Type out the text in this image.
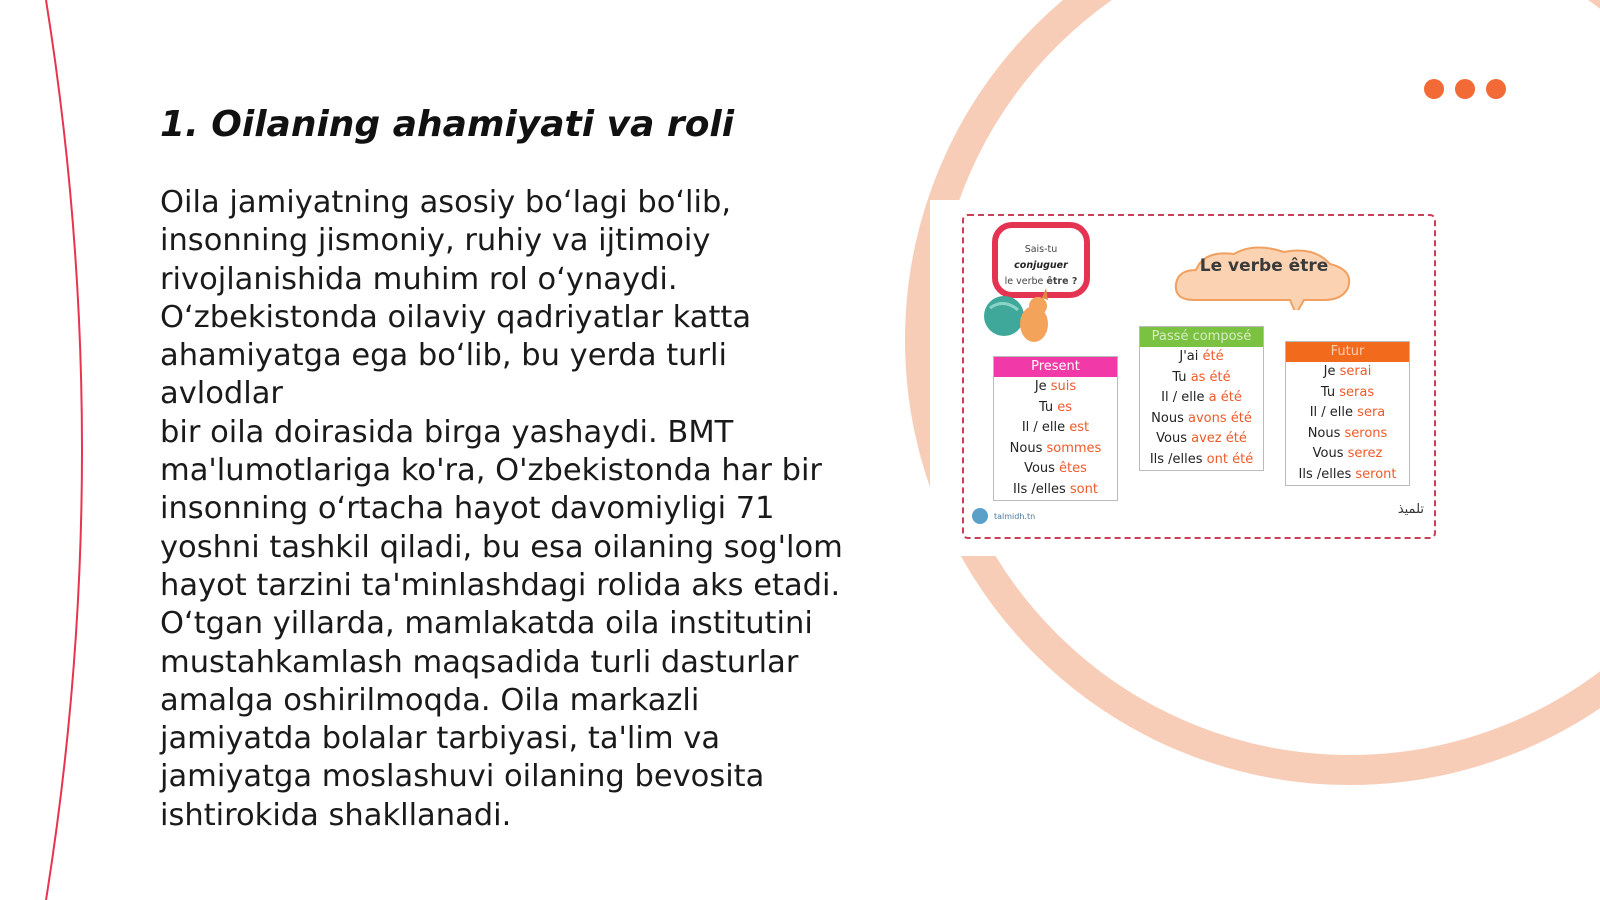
1. Oilaning ahamiyati va roli
Oila jamiyatning asosiy bo‘lagi bo‘lib,
insonning jismoniy, ruhiy va ijtimoiy
rivojlanishida muhim rol o‘ynaydi.
O‘zbekistonda oilaviy qadriyatlar katta
ahamiyatga ega bo‘lib, bu yerda turli avlodlar
bir oila doirasida birga yashaydi. BMT
ma'lumotlariga ko'ra, O'zbekistonda har bir
insonning o‘rtacha hayot davomiyligi 71
yoshni tashkil qiladi, bu esa oilaning sog'lom
hayot tarzini ta'minlashdagi rolida aks etadi.
O‘tgan yillarda, mamlakatda oila institutini
mustahkamlash maqsadida turli dasturlar
amalga oshirilmoqda. Oila markazli
jamiyatda bolalar tarbiyasi, ta'lim va
jamiyatga moslashuvi oilaning bevosita
ishtirokida shakllanadi.
Sais-tu conjuguer
le verbe être ?
Le verbe être
Present
Je suis
Tu es
Il / elle est
Nous sommes
Vous êtes
Ils /elles sont
Passé composé
J'ai été
Tu as été
Il / elle a été
Nous avons été
Vous avez été
Ils /elles ont été
Futur
Je serai
Tu seras
Il / elle sera
Nous serons
Vous serez
Ils /elles seront
talmidh.tn	تلميذ
